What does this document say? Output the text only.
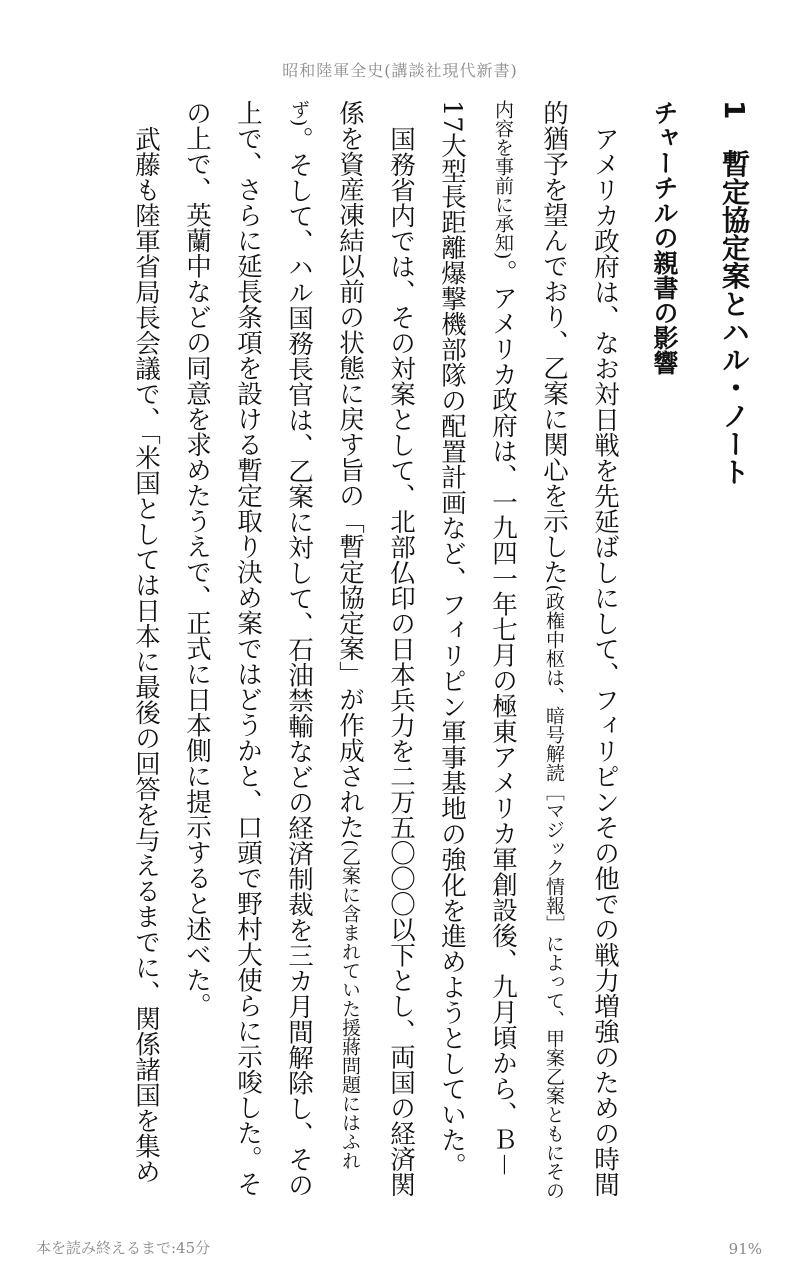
昭和陸軍全史(講談社現代新書)
1暫定協定案とハル・ノート
チャーチルの親書の影響

アメリカ政府は、なお対日戦を先延ばしにして、フィリピンその他での戦力増強のための時間的猶予を望んでおり、乙案に関心を示した(政権中枢は、暗号解読［マジック情報］によって、甲案乙案ともにその内容を事前に承知)。アメリカ政府は、一九四一年七月の極東アメリカ軍創設後、九月頃から、Ｂ－17大型長距離爆撃機部隊の配置計画など、フィリピン軍事基地の強化を進めようとしていた。

国務省内では、その対案として、北部仏印の日本兵力を二万五〇〇〇以下とし、両国の経済関係を資産凍結以前の状態に戻す旨の「暫定協定案」が作成された(乙案に含まれていた援蔣問題にはふれず)。そして、ハル国務長官は、乙案に対して、石油禁輸などの経済制裁を三カ月間解除し、その上で、さらに延長条項を設ける暫定取り決め案ではどうかと、口頭で野村大使らに示唆した。その上で、英蘭中などの同意を求めたうえで、正式に日本側に提示すると述べた。

武藤も陸軍省局長会議で、「米国としては日本に最後の回答を与えるまでに、関係諸国を集め

本を読み終えるまで:45分	91%
